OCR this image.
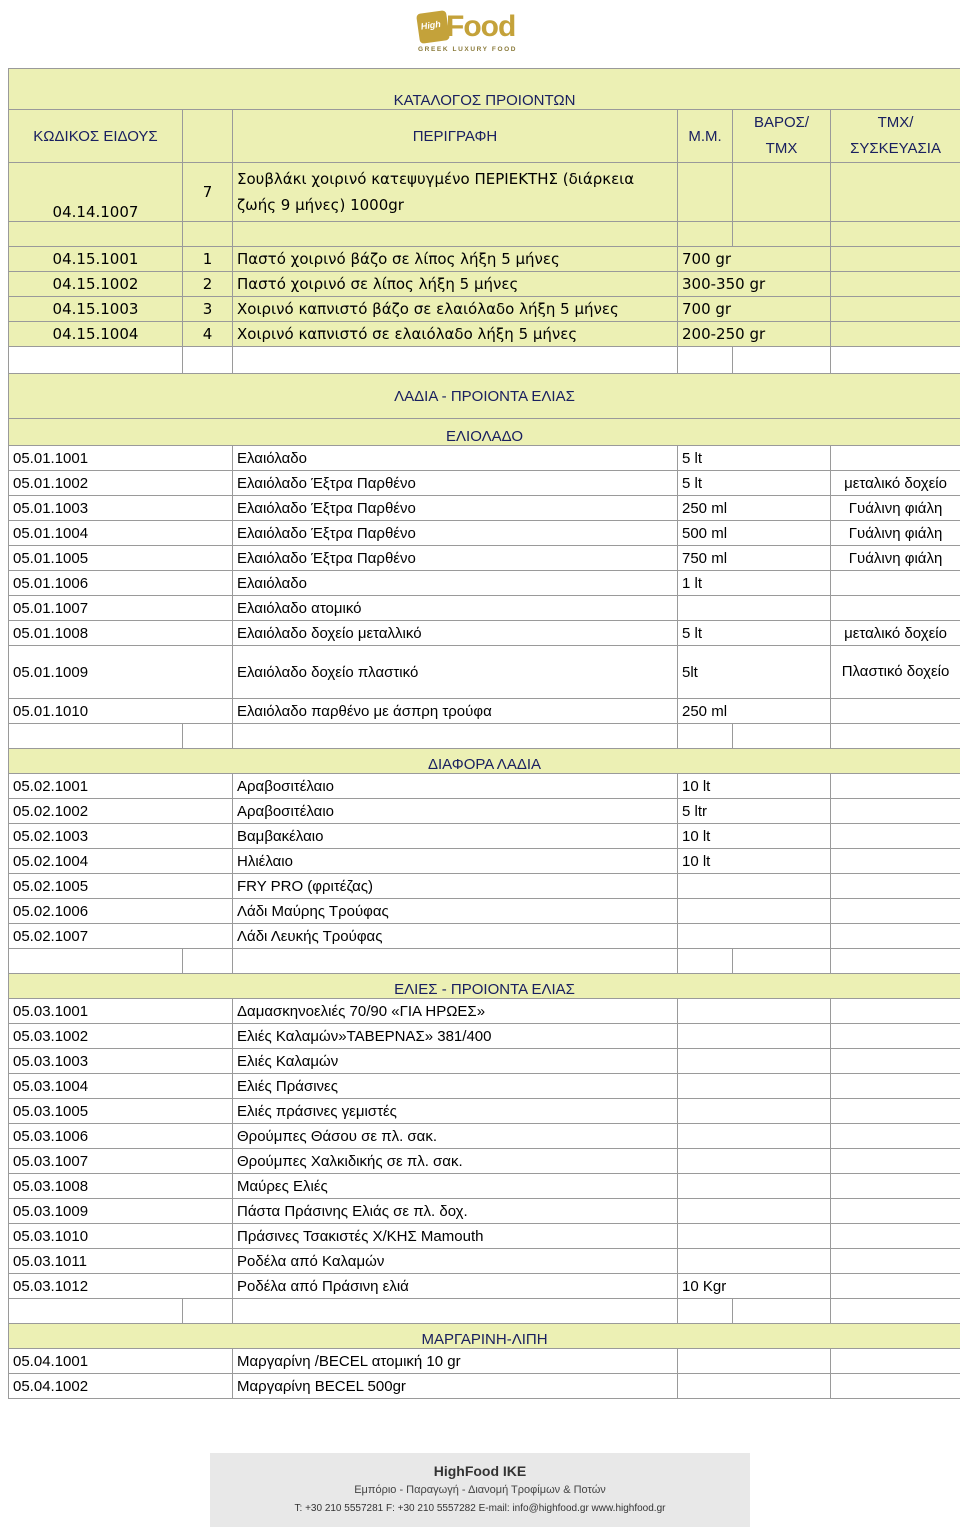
High Food
GREEK LUXURY FOOD
ΚΑΤΑΛΟΓΟΣ ΠΡΟΙΟΝΤΩΝ					
ΚΩΔΙΚΟΣ ΕΙΔΟΥΣ		ΠΕΡΙΓΡΑΦΗ	Μ.Μ.	ΒΑΡΟΣ/ ΤΜΧ	ΤΜΧ/ ΣΥΣΚΕΥΑΣΙΑ
04.14.1007	7	Σουβλάκι χοιρινό κατεψυγμένο ΠΕΡΙΕΚΤΗΣ (διάρκεια ζωής 9 μήνες) 1000gr			

04.15.1001	1	Παστό χοιρινό βάζο σε λίπος λήξη 5 μήνες	700 gr		
04.15.1002	2	Παστό χοιρινό σε λίπος λήξη 5 μήνες	300-350 gr		
04.15.1003	3	Χοιρινό καπνιστό βάζο σε ελαιόλαδο λήξη 5 μήνες	700 gr		
04.15.1004	4	Χοιρινό καπνιστό σε ελαιόλαδο λήξη 5 μήνες	200-250 gr		

ΛΑΔΙΑ - ΠΡΟΙΟΝΤΑ ΕΛΙΑΣ					
ΕΛΙΟΛΑΔΟ					
05.01.1001		Ελαιόλαδο	5 lt		
05.01.1002		Ελαιόλαδο Έξτρα Παρθένο	5 lt		μεταλικό δοχείο
05.01.1003		Ελαιόλαδο Έξτρα Παρθένο	250 ml		Γυάλινη φιάλη
05.01.1004		Ελαιόλαδο Έξτρα Παρθένο	500 ml		Γυάλινη φιάλη
05.01.1005		Ελαιόλαδο Έξτρα Παρθένο	750 ml		Γυάλινη φιάλη
05.01.1006		Ελαιόλαδο	1 lt		
05.01.1007		Ελαιόλαδο ατομικό			
05.01.1008		Ελαιόλαδο δοχείο μεταλλικό	5 lt		μεταλικό δοχείο
05.01.1009		Ελαιόλαδο δοχείο πλαστικό	5lt		Πλαστικό δοχείο
05.01.1010		Ελαιόλαδο παρθένο με άσπρη τρούφα	250 ml		

ΔΙΑΦΟΡΑ ΛΑΔΙΑ					
05.02.1001		Αραβοσιτέλαιο	10 lt		
05.02.1002		Αραβοσιτέλαιο	5 ltr		
05.02.1003		Βαμβακέλαιο	10 lt		
05.02.1004		Ηλιέλαιο	10 lt		
05.02.1005		FRY PRO (φριτέζας)			
05.02.1006		Λάδι Μαύρης Τρούφας			
05.02.1007		Λάδι Λευκής Τρούφας			

ΕΛΙΕΣ - ΠΡΟΙΟΝΤΑ ΕΛΙΑΣ					
05.03.1001		Δαμασκηνοελιές 70/90 «ΓΙΑ ΗΡΩΕΣ»			
05.03.1002		Ελιές Καλαμών»ΤΑΒΕΡΝΑΣ» 381/400			
05.03.1003		Ελιές Καλαμών			
05.03.1004		Ελιές Πράσινες			
05.03.1005		Ελιές πράσινες γεμιστές			
05.03.1006		Θρούμπες Θάσου σε πλ. σακ.			
05.03.1007		Θρούμπες Χαλκιδικής σε πλ. σακ.			
05.03.1008		Μαύρες Ελιές			
05.03.1009		Πάστα Πράσινης Ελιάς σε πλ. δοχ.			
05.03.1010		Πράσινες Τσακιστές Χ/ΚΗΣ Mamouth			
05.03.1011		Ροδέλα από Καλαμών			
05.03.1012		Ροδέλα από Πράσινη ελιά	10 Kgr		

ΜΑΡΓΑΡΙΝΗ-ΛΙΠΗ					
05.04.1001		Μαργαρίνη /BECEL ατομική 10 gr			
05.04.1002		Μαργαρίνη BECEL 500gr			
HighFood IKE
Εμπόριο - Παραγωγή - Διανομή Τροφίμων & Ποτών
T: +30 210 5557281 F: +30 210 5557282 E-mail: info@highfood.gr www.highfood.gr
